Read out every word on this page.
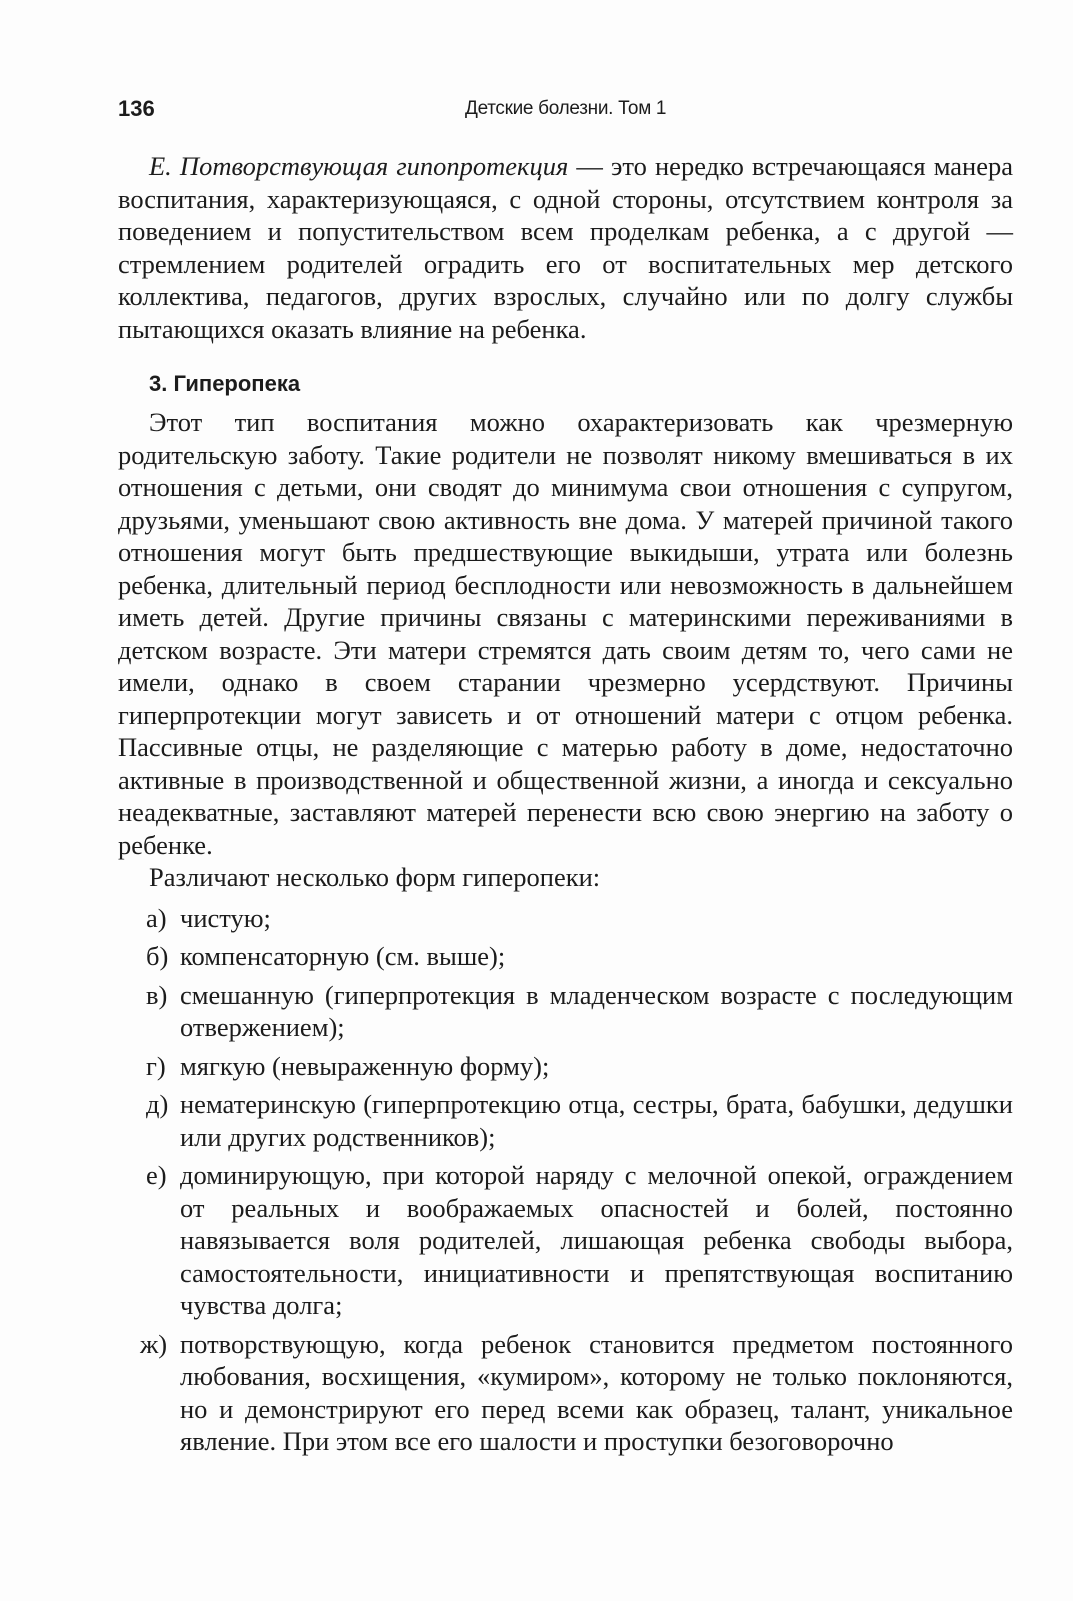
136	Детские болезни. Том 1

Е. Потворствующая гипопротекция — это нередко встречающаяся манера воспитания, характеризующаяся, с одной стороны, отсутствием контроля за поведением и попустительством всем проделкам ребенка, а с другой — стремлением родителей оградить его от воспитательных мер детского коллектива, педагогов, других взрослых, случайно или по долгу службы пытающихся оказать влияние на ребенка.

3. Гиперопека

Этот тип воспитания можно охарактеризовать как чрезмерную родительскую заботу. Такие родители не позволят никому вмешиваться в их отношения с детьми, они сводят до минимума свои отношения с супругом, друзьями, уменьшают свою активность вне дома. У матерей причиной такого отношения могут быть предшествующие выкидыши, утрата или болезнь ребенка, длительный период бесплодности или невозможность в дальнейшем иметь детей. Другие причины связаны с материнскими переживаниями в детском возрасте. Эти матери стремятся дать своим детям то, чего сами не имели, однако в своем старании чрезмерно усердствуют. Причины гиперпротекции могут зависеть и от отношений матери с отцом ребенка. Пассивные отцы, не разделяющие с матерью работу в доме, недостаточно активные в производственной и общественной жизни, а иногда и сексуально неадекватные, заставляют матерей перенести всю свою энергию на заботу о ребенке.

Различают несколько форм гиперопеки:

а) чистую;
б) компенсаторную (см. выше);
в) смешанную (гиперпротекция в младенческом возрасте с последующим отвержением);
г) мягкую (невыраженную форму);
д) нематеринскую (гиперпротекцию отца, сестры, брата, бабушки, дедушки или других родственников);
е) доминирующую, при которой наряду с мелочной опекой, ограждением от реальных и воображаемых опасностей и болей, постоянно навязывается воля родителей, лишающая ребенка свободы выбора, самостоятельности, инициативности и препятствующая воспитанию чувства долга;
ж) потворствующую, когда ребенок становится предметом постоянного любования, восхищения, «кумиром», которому не только поклоняются, но и демонстрируют его перед всеми как образец, талант, уникальное явление. При этом все его шалости и проступки безоговорочно
